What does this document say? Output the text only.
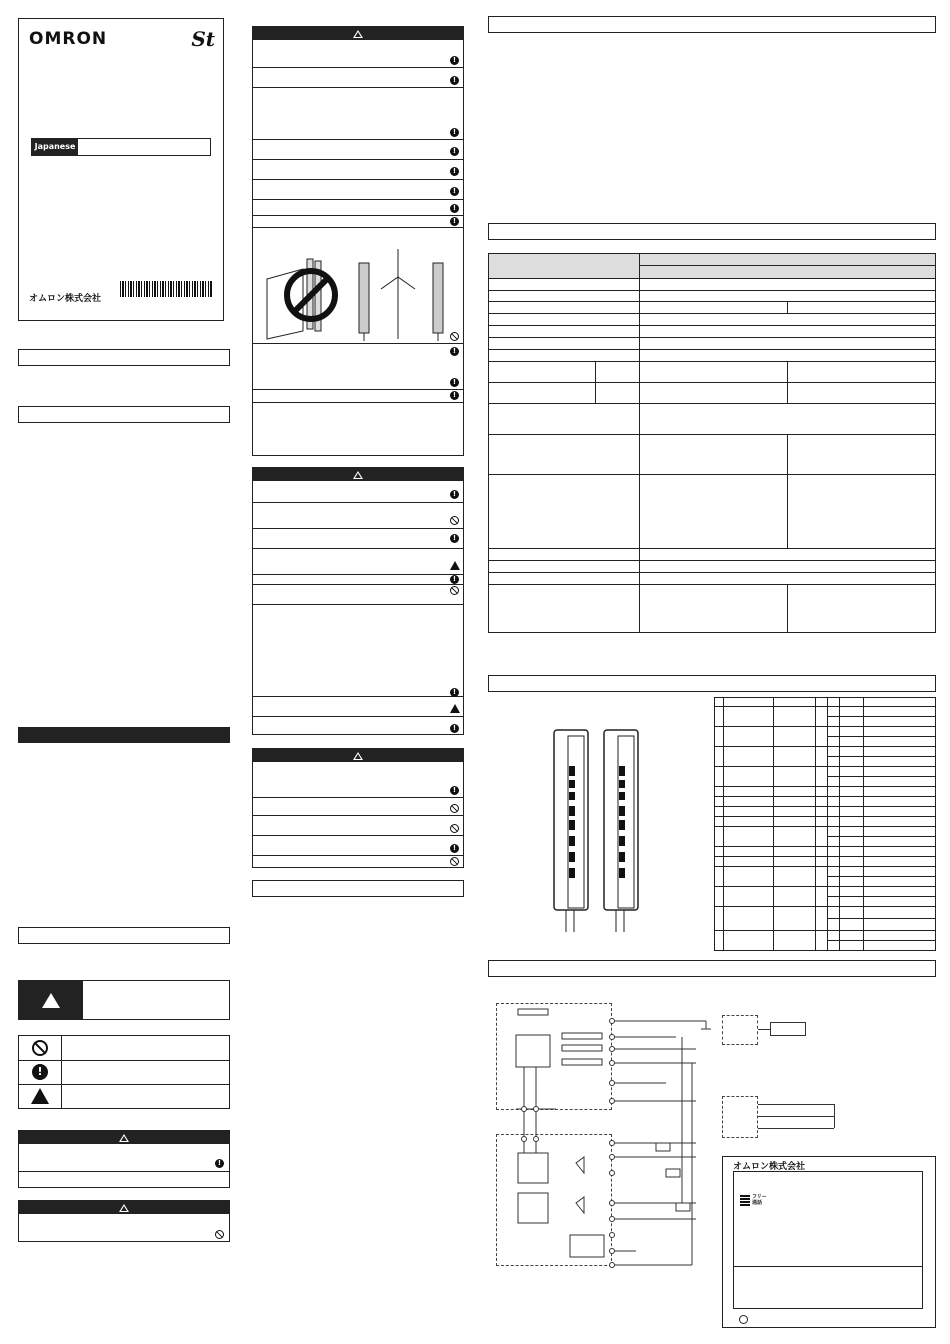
OMRON	St
Japanese
オムロン株式会社
!
!
!
!
!
!
!
!
!
!
!
!
!
!
!
!
!
!
!
!
オムロン株式会社
フリー
通話
